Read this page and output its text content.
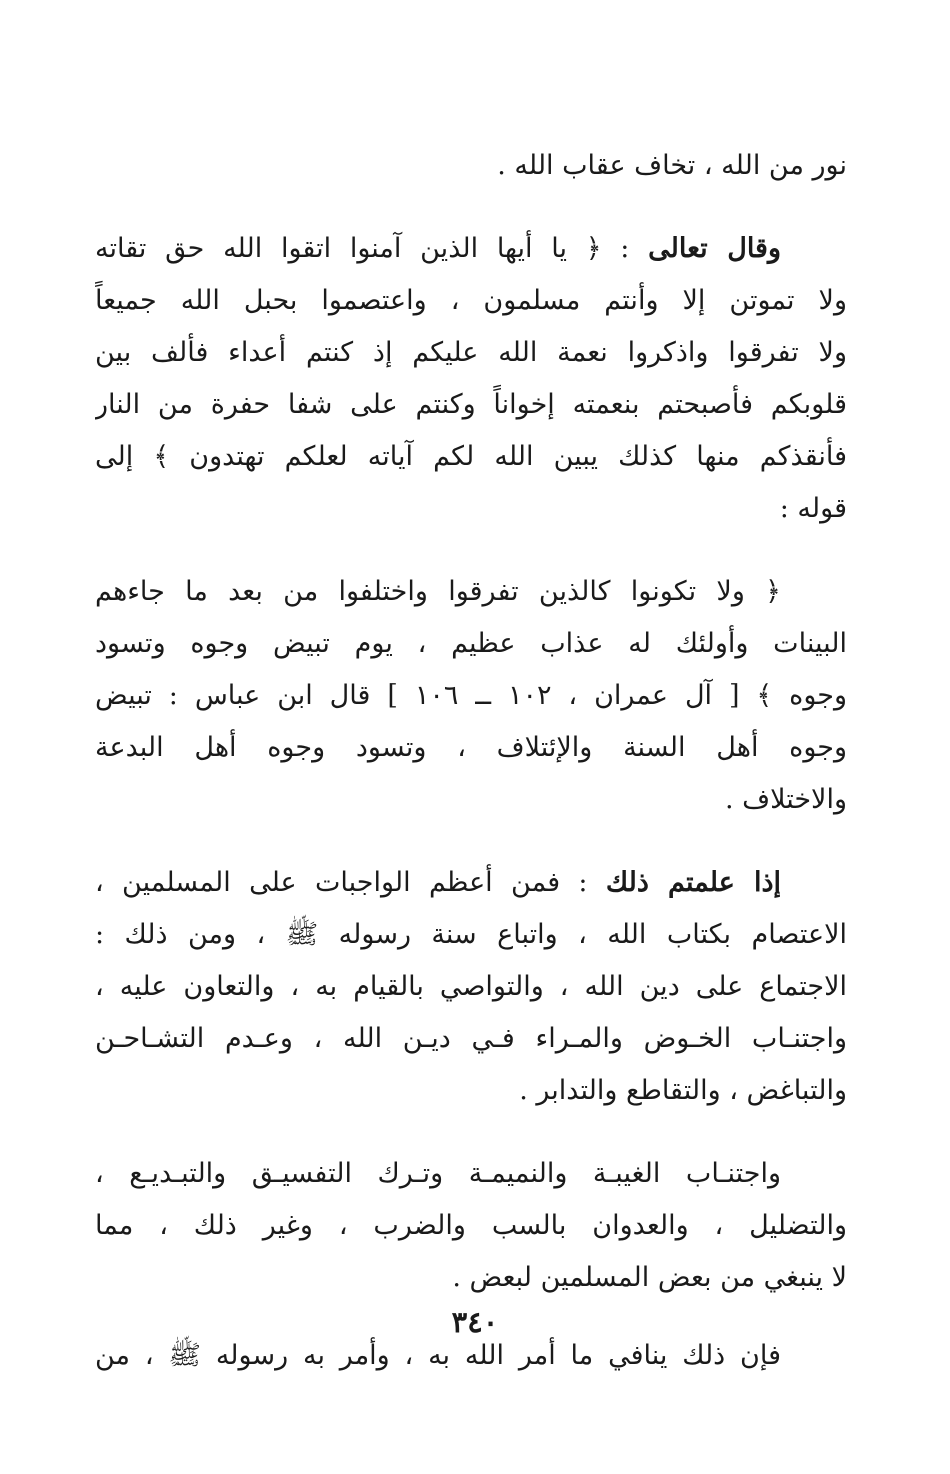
نور من الله ، تخاف عقاب الله .
وقال تعالى : ﴿ يا أيها الذين آمنوا اتقوا الله حق تقاته
ولا تموتن إلا وأنتم مسلمون ، واعتصموا بحبل الله جميعاً
ولا تفرقوا واذكروا نعمة الله عليكم إذ كنتم أعداء فألف بين
قلوبكم فأصبحتم بنعمته إخواناً وكنتم على شفا حفرة من النار
فأنقذكم منها كذلك يبين الله لكم آياته لعلكم تهتدون ﴾ إلى
قوله :
﴿ ولا تكونوا كالذين تفرقوا واختلفوا من بعد ما جاءهم
البينات وأولئك له عذاب عظيم ، يوم تبيض وجوه وتسود
وجوه ﴾ [ آل عمران ، ١٠٢ ــ ١٠٦ ] قال ابن عباس : تبيض
وجوه أهل السنة والإئتلاف ، وتسود وجوه أهل البدعة
والاختلاف .
إذا علمتم ذلك : فمن أعظم الواجبات على المسلمين ،
الاعتصام بكتاب الله ، واتباع سنة رسوله ﷺ ، ومن ذلك :
الاجتماع على دين الله ، والتواصي بالقيام به ، والتعاون عليه ،
واجتنـاب الخـوض والمـراء فـي ديـن الله ، وعـدم التشـاحـن
والتباغض ، والتقاطع والتدابر .
واجتنـاب الغيبـة والنميمـة وتـرك التفسيـق والتبـديـع ،
والتضليل ، والعدوان بالسب والضرب ، وغير ذلك ، مما
لا ينبغي من بعض المسلمين لبعض .
فإن ذلك ينافي ما أمر الله به ، وأمر به رسوله ﷺ ، من
٣٤٠
